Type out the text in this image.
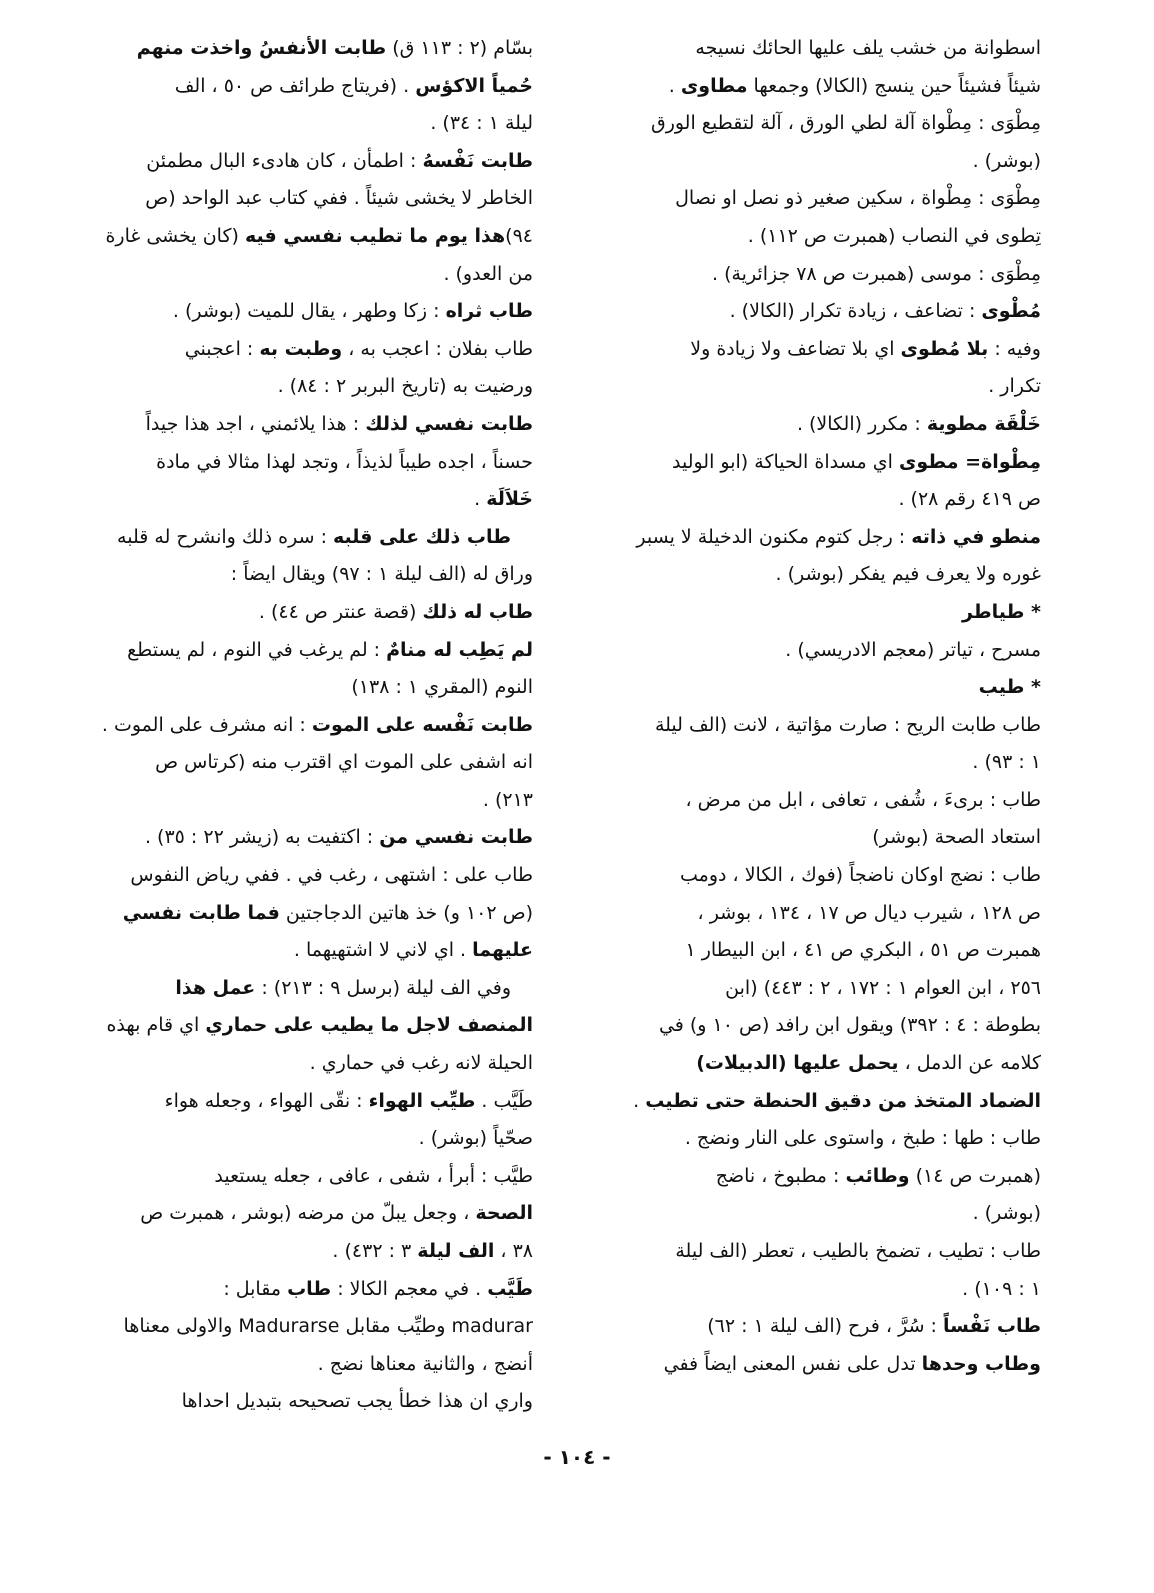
اسطوانة من خشب يلف عليها الحائك نسيجه
شيئاً فشيئاً حين ينسج (الكالا) وجمعها مطاوى .
مِطْوَى : مِطْواة آلة لطي الورق ، آلة لتقطيع الورق
(بوشر) .
مِطْوَى : مِطْواة ، سكين صغير ذو نصل او نصال
تِطوى في النصاب (همبرت ص ١١٢) .
مِطْوَى : موسى (همبرت ص ٧٨ جزائرية) .
مُطْوى : تضاعف ، زيادة تكرار (الكالا) .
وفيه : بلا مُطوى اي بلا تضاعف ولا زيادة ولا
تكرار .
خَلْقَة مطوية : مكرر (الكالا) .
مِطْواة= مطوى اي مسداة الحياكة (ابو الوليد
ص ٤١٩ رقم ٢٨) .
منطو في ذاته : رجل كتوم مكنون الدخيلة لا يسبر
غوره ولا يعرف فيم يفكر (بوشر) .
* طياطر
مسرح ، تياتر (معجم الادريسي) .
* طيب
طاب طابت الريح : صارت مؤاتية ، لانت (الف ليلة
١ : ٩٣) .
طاب : برىءَ ، شُفى ، تعافى ، ابل من مرض ،
استعاد الصحة (بوشر)
طاب : نضج اوكان ناضجاً (فوك ، الكالا ، دومب
ص ١٢٨ ، شيرب ديال ص ١٧ ، ١٣٤ ، بوشر ،
همبرت ص ٥١ ، البكري ص ٤١ ، ابن البيطار ١
٢٥٦ ، ابن العوام ١ : ١٧٢ ، ٢ : ٤٤٣) (ابن
بطوطة : ٤ : ٣٩٢) ويقول ابن رافد (ص ١٠ و) في
كلامه عن الدمل ، يحمل عليها (الدبيلات)
الضماد المتخذ من دقيق الحنطة حتى تطيب .
طاب : طها : طبخ ، واستوى على النار ونضج .
(همبرت ص ١٤) وطائب : مطبوخ ، ناضج
(بوشر) .
طاب : تطيب ، تضمخ بالطيب ، تعطر (الف ليلة
١ : ١٠٩) .
طاب نَفْساً : سُرَّ ، فرح (الف ليلة ١ : ٦٢)
وطاب وحدها تدل على نفس المعنى ايضاً ففي
بسّام (٢ : ١١٣ ق) طابت الأنفسُ واخذت منهم
حُمياً الاكؤس . (فريتاج طرائف ص ٥٠ ، الف
ليلة ١ : ٣٤) .
طابت نَفْسهُ : اطمأن ، كان هادىء البال مطمئن
الخاطر لا يخشى شيئاً . ففي كتاب عبد الواحد (ص
٩٤)هذا يوم ما تطيب نفسي فيه (كان يخشى غارة
من العدو) .
طاب ثراه : زكا وطهر ، يقال للميت (بوشر) .
طاب بفلان : اعجب به ، وطبت به : اعجبني
ورضيت به (تاريخ البربر ٢ : ٨٤) .
طابت نفسي لذلك : هذا يلائمني ، اجد هذا جيداً
حسناً ، اجده طيباً لذيذاً ، وتجد لهذا مثالا في مادة
خَلاَلَة .
طاب ذلك على قلبه : سره ذلك وانشرح له قلبه
وراق له (الف ليلة ١ : ٩٧) ويقال ايضاً :
طاب له ذلك (قصة عنتر ص ٤٤) .
لم يَطِب له منامٌ : لم يرغب في النوم ، لم يستطع
النوم (المقري ١ : ١٣٨)
طابت نَفْسه على الموت : انه مشرف على الموت .
انه اشفى على الموت اي اقترب منه (كرتاس ص
٢١٣) .
طابت نفسي من : اكتفيت به (زيشر ٢٢ : ٣٥) .
طاب على : اشتهى ، رغب في . ففي رياض النفوس
(ص ١٠٢ و) خذ هاتين الدجاجتين فما طابت نفسي
عليهما . اي لاني لا اشتهيهما .
وفي الف ليلة (برسل ٩ : ٢١٣) : عمل هذا
المنصف لاجل ما يطيب على حماري اي قام بهذه
الحيلة لانه رغب في حماري .
طَيَّب . طيِّب الهواء : نقّى الهواء ، وجعله هواء
صحّياً (بوشر) .
طيَّب : أبرأ ، شفى ، عافى ، جعله يستعيد
الصحة ، وجعل يبلّ من مرضه (بوشر ، همبرت ص
٣٨ ، الف ليلة ٣ : ٤٣٢) .
طَيَّب . في معجم الكالا : طاب مقابل :
madurar وطيِّب مقابل Madurarse والاولى معناها
أنضج ، والثانية معناها نضج .
واري ان هذا خطأ يجب تصحيحه بتبديل احداها
- ١٠٤ -
